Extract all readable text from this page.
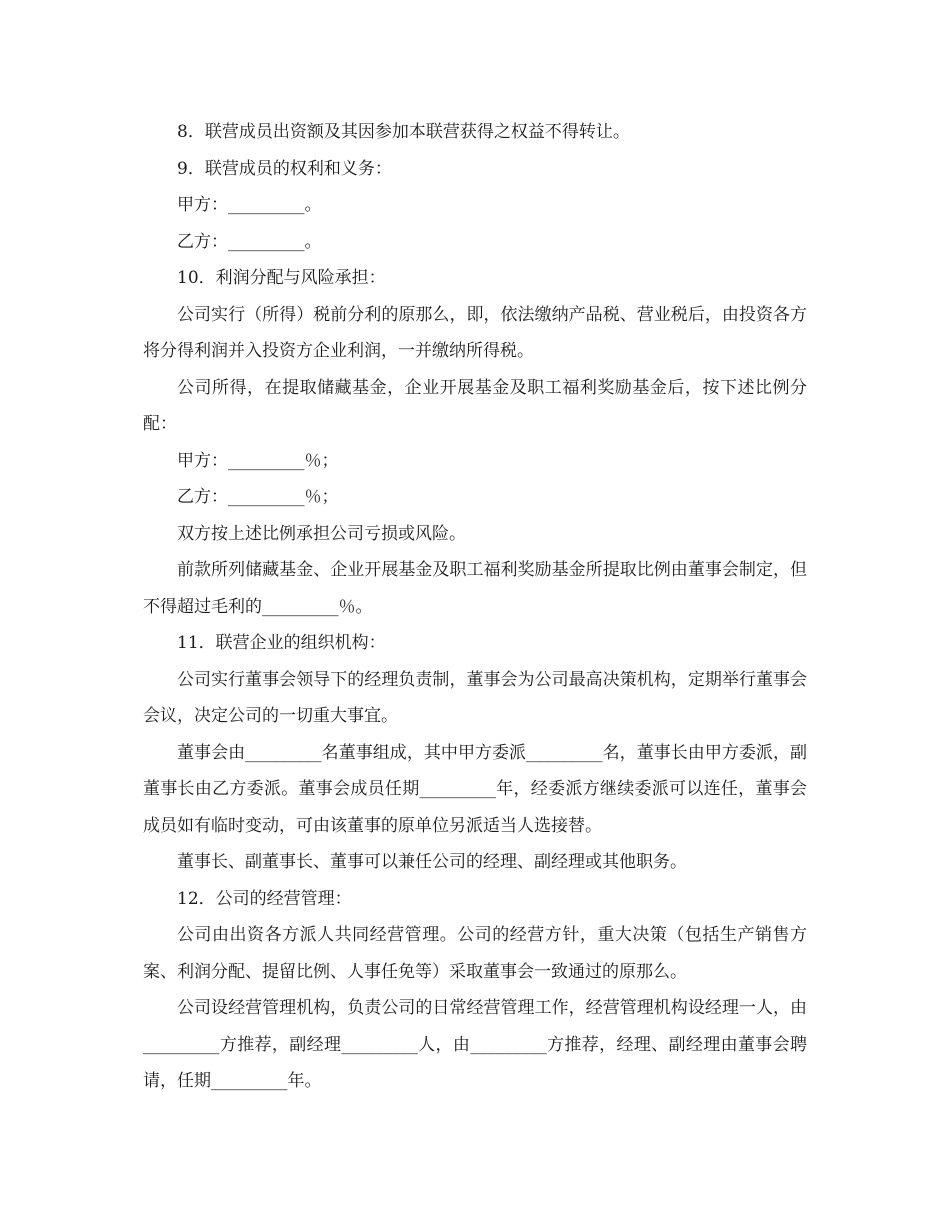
8．联营成员出资额及其因参加本联营获得之权益不得转让。

9．联营成员的权利和义务：

甲方：_________。

乙方：_________。

10．利润分配与风险承担：

公司实行（所得）税前分利的原那么，即，依法缴纳产品税、营业税后，由投资各方将分得利润并入投资方企业利润，一并缴纳所得税。

公司所得，在提取储藏基金，企业开展基金及职工福利奖励基金后，按下述比例分配：

甲方：_________％；

乙方：_________％；

双方按上述比例承担公司亏损或风险。

前款所列储藏基金、企业开展基金及职工福利奖励基金所提取比例由董事会制定，但不得超过毛利的_________％。

11．联营企业的组织机构：

公司实行董事会领导下的经理负责制，董事会为公司最高决策机构，定期举行董事会会议，决定公司的一切重大事宜。

董事会由_________名董事组成，其中甲方委派_________名，董事长由甲方委派，副董事长由乙方委派。董事会成员任期_________年，经委派方继续委派可以连任，董事会成员如有临时变动，可由该董事的原单位另派适当人选接替。

董事长、副董事长、董事可以兼任公司的经理、副经理或其他职务。

12．公司的经营管理：

公司由出资各方派人共同经营管理。公司的经营方针，重大决策（包括生产销售方案、利润分配、提留比例、人事任免等）采取董事会一致通过的原那么。

公司设经营管理机构，负责公司的日常经营管理工作，经营管理机构设经理一人，由_________方推荐，副经理_________人，由_________方推荐，经理、副经理由董事会聘请，任期_________年。
